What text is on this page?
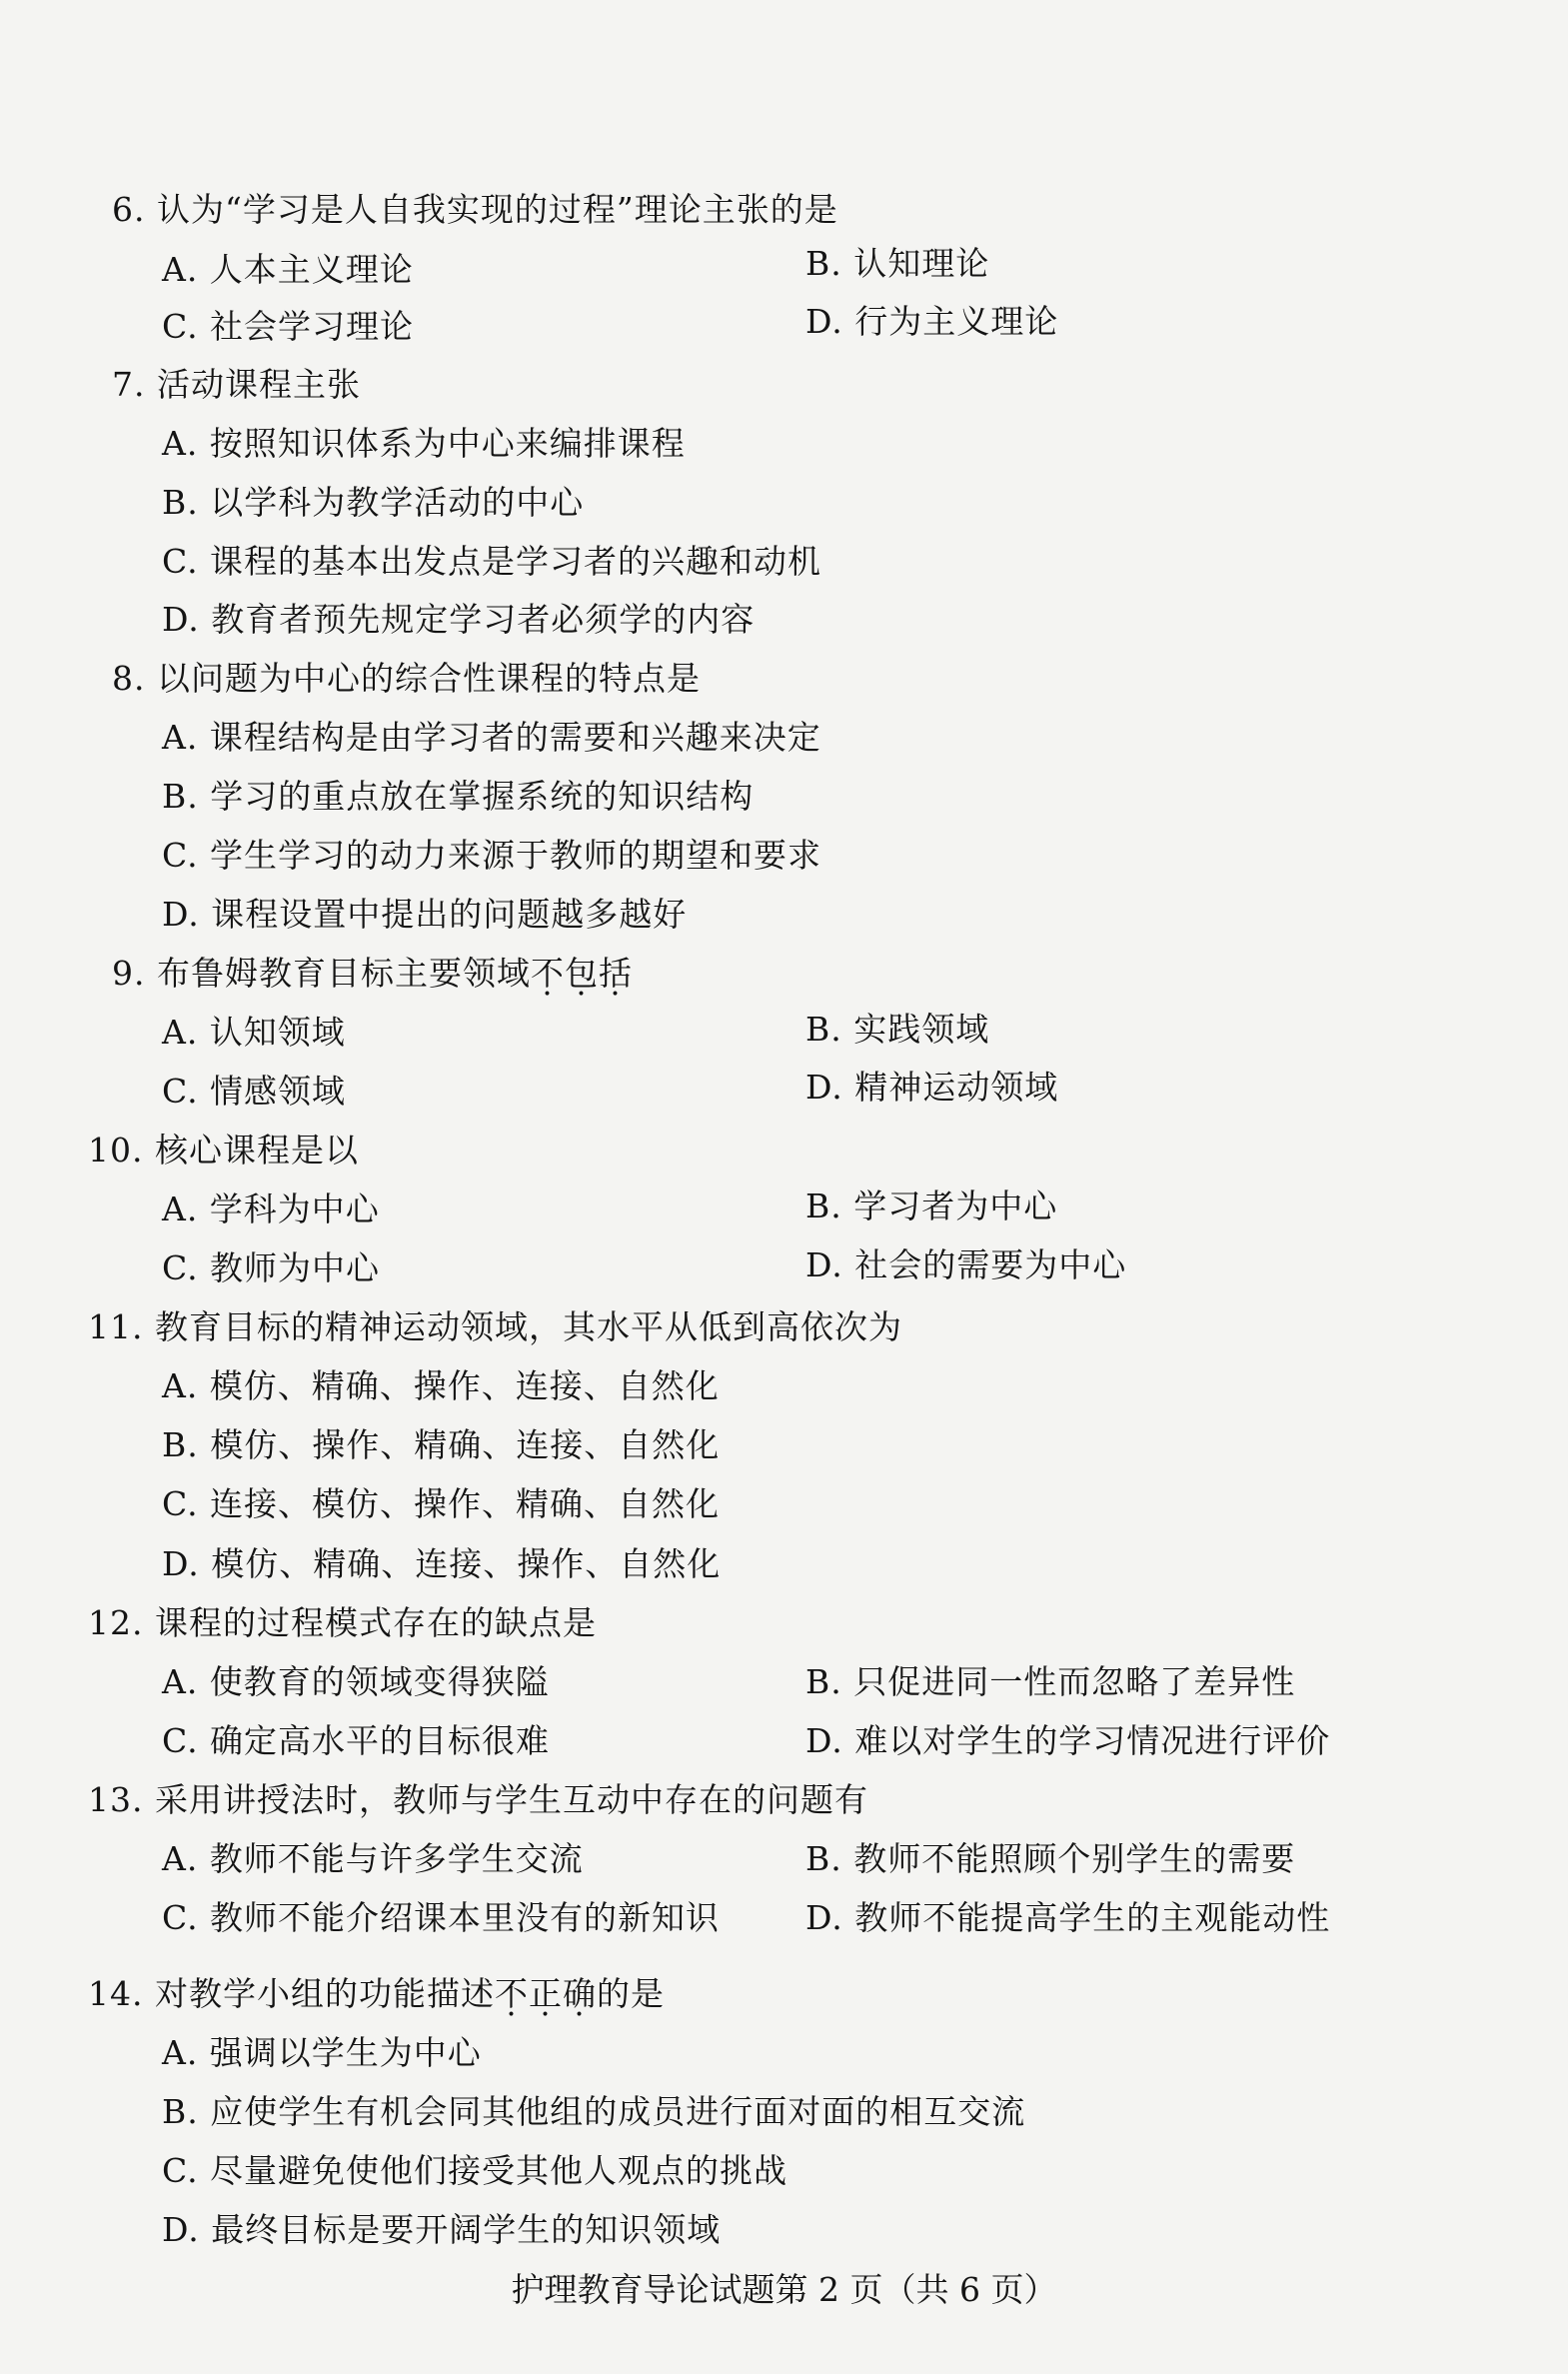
6. 认为“学习是人自我实现的过程”理论主张的是
A. 人本主义理论	B. 认知理论
C. 社会学习理论	D. 行为主义理论
7. 活动课程主张
A. 按照知识体系为中心来编排课程
B. 以学科为教学活动的中心
C. 课程的基本出发点是学习者的兴趣和动机
D. 教育者预先规定学习者必须学的内容
8. 以问题为中心的综合性课程的特点是
A. 课程结构是由学习者的需要和兴趣来决定
B. 学习的重点放在掌握系统的知识结构
C. 学生学习的动力来源于教师的期望和要求
D. 课程设置中提出的问题越多越好
9. 布鲁姆教育目标主要领域不包括
A. 认知领域	B. 实践领域
C. 情感领域	D. 精神运动领域
10. 核心课程是以
A. 学科为中心	B. 学习者为中心
C. 教师为中心	D. 社会的需要为中心
11. 教育目标的精神运动领域，其水平从低到高依次为
A. 模仿、精确、操作、连接、自然化
B. 模仿、操作、精确、连接、自然化
C. 连接、模仿、操作、精确、自然化
D. 模仿、精确、连接、操作、自然化
12. 课程的过程模式存在的缺点是
A. 使教育的领域变得狭隘	B. 只促进同一性而忽略了差异性
C. 确定高水平的目标很难	D. 难以对学生的学习情况进行评价
13. 采用讲授法时，教师与学生互动中存在的问题有
A. 教师不能与许多学生交流	B. 教师不能照顾个别学生的需要
C. 教师不能介绍课本里没有的新知识	D. 教师不能提高学生的主观能动性
14. 对教学小组的功能描述不正确的是
A. 强调以学生为中心
B. 应使学生有机会同其他组的成员进行面对面的相互交流
C. 尽量避免使他们接受其他人观点的挑战
D. 最终目标是要开阔学生的知识领域
护理教育导论试题第 2 页（共 6 页）
